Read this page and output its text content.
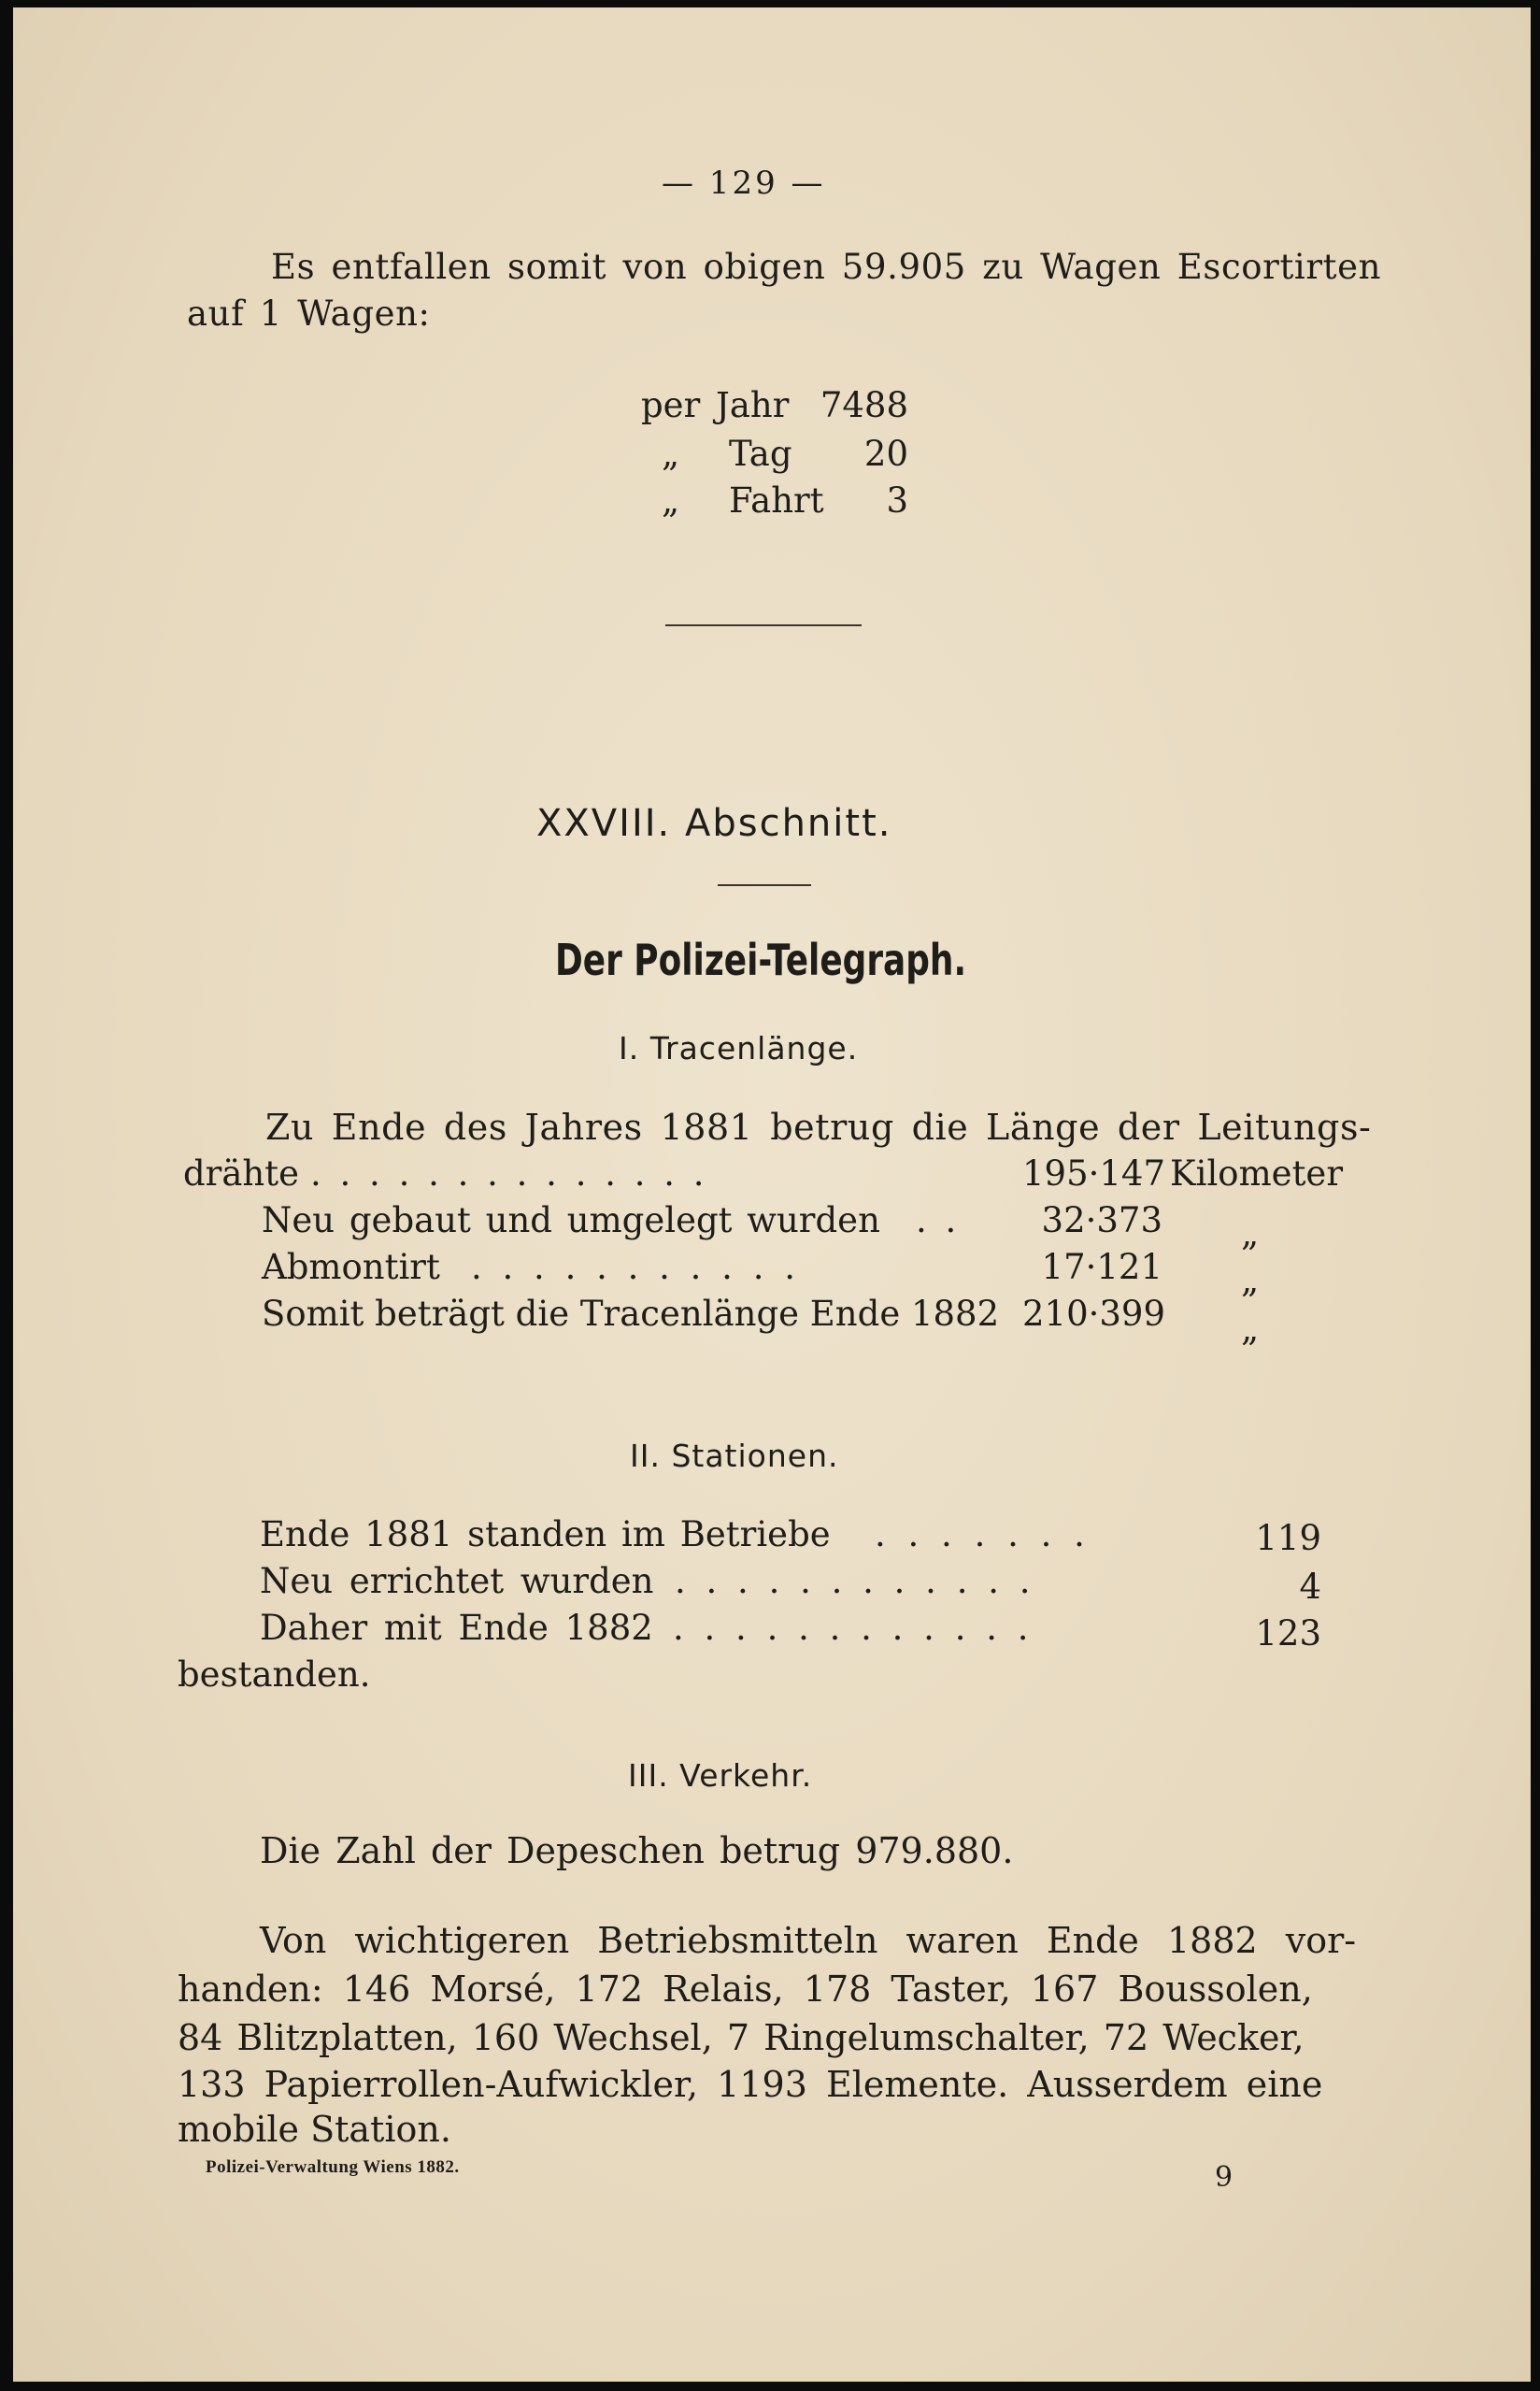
— 129 —
Es entfallen somit von obigen 59.905 zu Wagen Escortirten
auf 1 Wagen:
per Jahr 7488
„ Tag	20
„ Fahrt	3
XXVIII. Abschnitt.
Der Polizei-Telegraph.
I. Tracenlänge.
Zu Ende des Jahres 1881 betrug die Länge der Leitungs-
drähte . . . . . . . . . . . . . .	195·147 Kilometer
Neu gebaut und umgelegt wurden . .	32·373 „
Abmontirt . . . . . . . . . . .	17·121 „
Somit beträgt die Tracenlänge Ende 1882 210·399 „
II. Stationen.
Ende 1881 standen im Betriebe . . . . . . .	119
Neu errichtet wurden . . . . . . . . . . . .	4
Daher mit Ende 1882 . . . . . . . . . . . .	123
bestanden.
III. Verkehr.
Die Zahl der Depeschen betrug 979.880.
Von wichtigeren Betriebsmitteln waren Ende 1882 vor-
handen: 146 Morsé, 172 Relais, 178 Taster, 167 Boussolen,
84 Blitzplatten, 160 Wechsel, 7 Ringelumschalter, 72 Wecker,
133 Papierrollen-Aufwickler, 1193 Elemente. Ausserdem eine
mobile Station.
Polizei-Verwaltung Wiens 1882.	9
